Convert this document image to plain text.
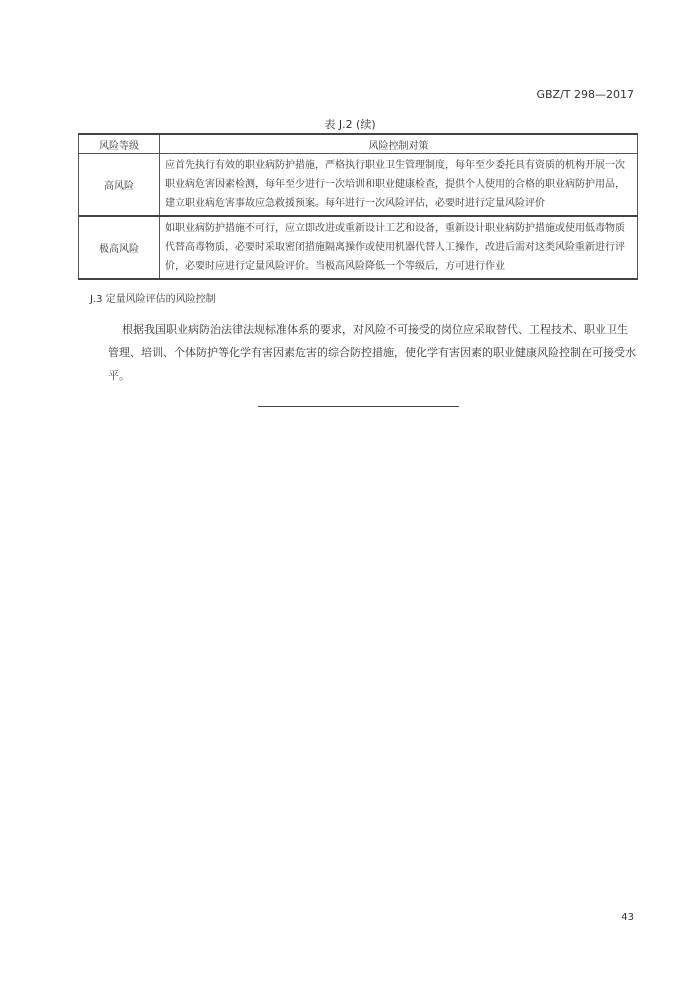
GBZ/T 298—2017
表 J.2 (续)
风险等级	风险控制对策
高风险	应首先执行有效的职业病防护措施，严格执行职业卫生管理制度，每年至少委托具有资质的机构开展一次职业病危害因素检测，每年至少进行一次培训和职业健康检查，提供个人使用的合格的职业病防护用品，建立职业病危害事故应急救援预案。每年进行一次风险评估，必要时进行定量风险评价
极高风险	如职业病防护措施不可行，应立即改进或重新设计工艺和设备，重新设计职业病防护措施或使用低毒物质代替高毒物质，必要时采取密闭措施隔离操作或使用机器代替人工操作，改进后需对这类风险重新进行评价，必要时应进行定量风险评价。当极高风险降低一个等级后，方可进行作业
J.3 定量风险评估的风险控制

根据我国职业病防治法律法规标准体系的要求，对风险不可接受的岗位应采取替代、工程技术、职业卫生管理、培训、个体防护等化学有害因素危害的综合防控措施，使化学有害因素的职业健康风险控制在可接受水平。

43
